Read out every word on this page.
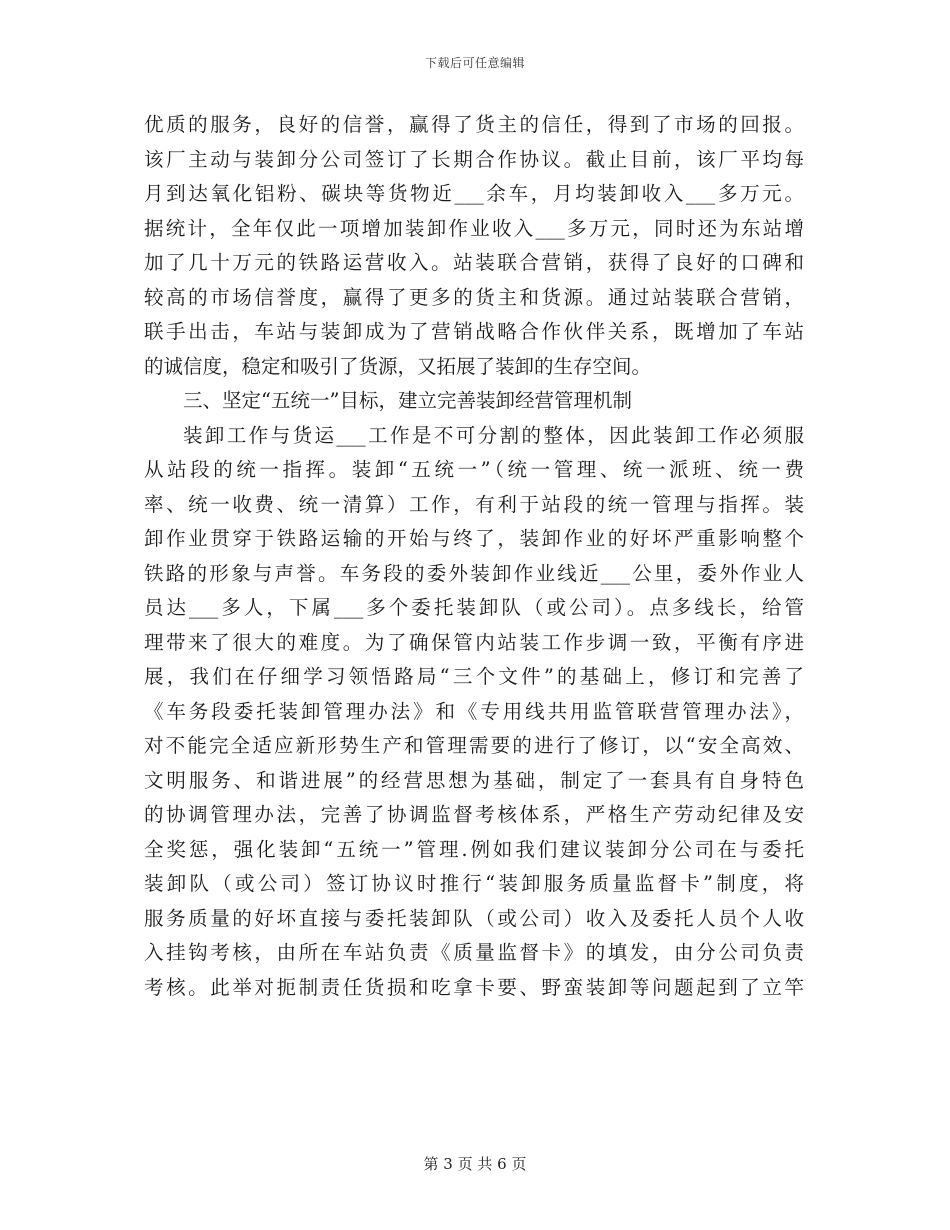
下载后可任意编辑
优质的服务，良好的信誉，赢得了货主的信任，得到了市场的回报。
该厂主动与装卸分公司签订了长期合作协议。截止目前，该厂平均每
月到达氧化铝粉、碳块等货物近___余车，月均装卸收入___多万元。
据统计，全年仅此一项增加装卸作业收入___多万元，同时还为东站增
加了几十万元的铁路运营收入。站装联合营销，获得了良好的口碑和
较高的市场信誉度，赢得了更多的货主和货源。通过站装联合营销，
联手出击，车站与装卸成为了营销战略合作伙伴关系，既增加了车站
的诚信度，稳定和吸引了货源，又拓展了装卸的生存空间。
三、坚定“五统一”目标，建立完善装卸经营管理机制
装卸工作与货运___工作是不可分割的整体，因此装卸工作必须服
从站段的统一指挥。装卸“五统一”（统一管理、统一派班、统一费
率、统一收费、统一清算）工作，有利于站段的统一管理与指挥。装
卸作业贯穿于铁路运输的开始与终了，装卸作业的好坏严重影响整个
铁路的形象与声誉。车务段的委外装卸作业线近___公里，委外作业人
员达___多人，下属___多个委托装卸队（或公司）。点多线长，给管
理带来了很大的难度。为了确保管内站装工作步调一致，平衡有序进
展，我们在仔细学习领悟路局“三个文件”的基础上，修订和完善了
《车务段委托装卸管理办法》和《专用线共用监管联营管理办法》，
对不能完全适应新形势生产和管理需要的进行了修订，以“安全高效、
文明服务、和谐进展”的经营思想为基础，制定了一套具有自身特色
的协调管理办法，完善了协调监督考核体系，严格生产劳动纪律及安
全奖惩，强化装卸“五统一”管理.例如我们建议装卸分公司在与委托
装卸队（或公司）签订协议时推行“装卸服务质量监督卡”制度，将
服务质量的好坏直接与委托装卸队（或公司）收入及委托人员个人收
入挂钩考核，由所在车站负责《质量监督卡》的填发，由分公司负责
考核。此举对扼制责任货损和吃拿卡要、野蛮装卸等问题起到了立竿
第 3 页 共 6 页
